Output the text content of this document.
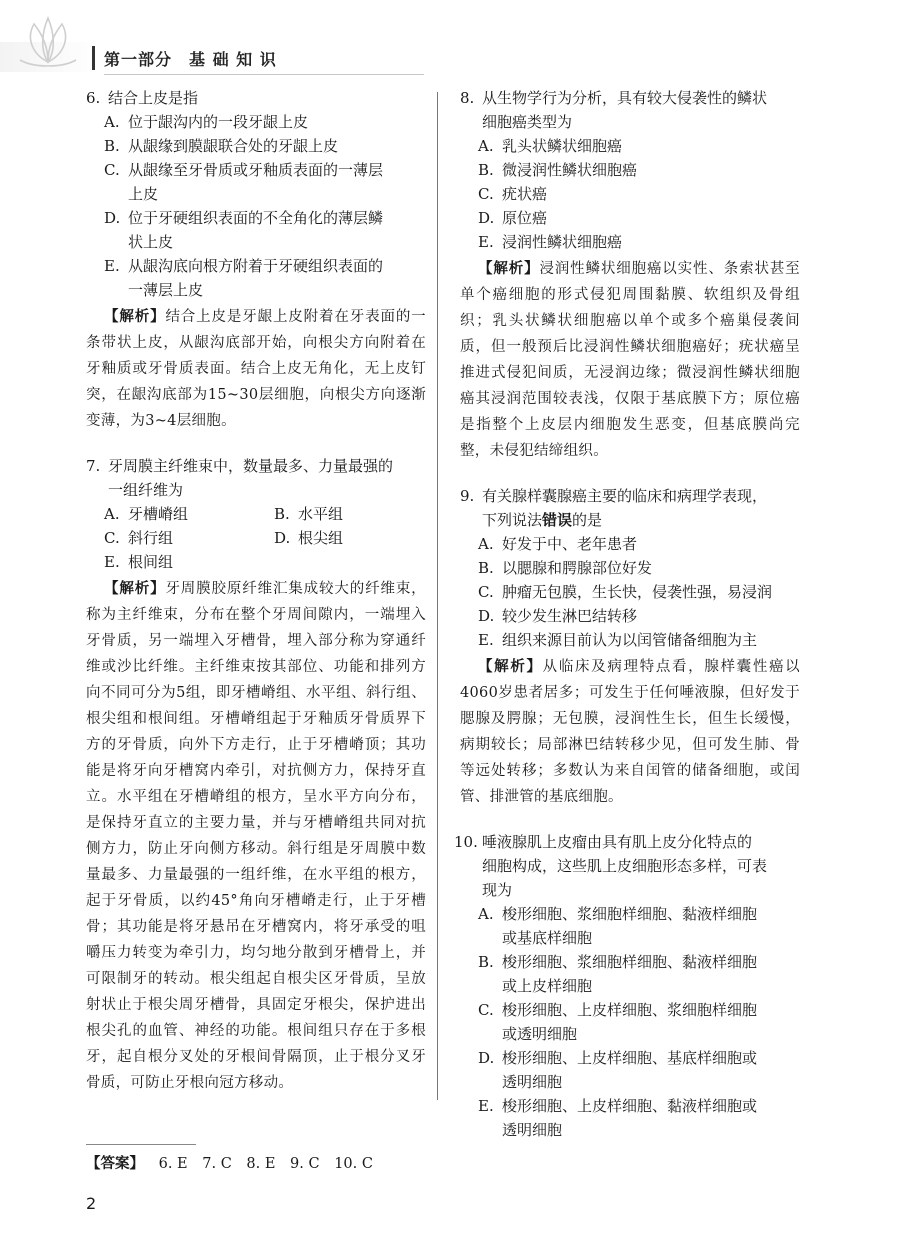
第一部分　基 础 知 识
6. 结合上皮是指
A. 位于龈沟内的一段牙龈上皮
B. 从龈缘到膜龈联合处的牙龈上皮
C. 从龈缘至牙骨质或牙釉质表面的一薄层
上皮
D. 位于牙硬组织表面的不全角化的薄层鳞
状上皮
E. 从龈沟底向根方附着于牙硬组织表面的
一薄层上皮
【解析】结合上皮是牙龈上皮附着在牙表面的一条带状上皮，从龈沟底部开始，向根尖方向附着在牙釉质或牙骨质表面。结合上皮无角化，无上皮钉突，在龈沟底部为15~30层细胞，向根尖方向逐渐变薄，为3~4层细胞。
7. 牙周膜主纤维束中，数量最多、力量最强的
一组纤维为
A. 牙槽嵴组	B. 水平组
C. 斜行组	D. 根尖组
E. 根间组
【解析】牙周膜胶原纤维汇集成较大的纤维束，称为主纤维束，分布在整个牙周间隙内，一端埋入牙骨质，另一端埋入牙槽骨，埋入部分称为穿通纤维或沙比纤维。主纤维束按其部位、功能和排列方向不同可分为5组，即牙槽嵴组、水平组、斜行组、根尖组和根间组。牙槽嵴组起于牙釉质牙骨质界下方的牙骨质，向外下方走行，止于牙槽嵴顶；其功能是将牙向牙槽窝内牵引，对抗侧方力，保持牙直立。水平组在牙槽嵴组的根方，呈水平方向分布，是保持牙直立的主要力量，并与牙槽嵴组共同对抗侧方力，防止牙向侧方移动。斜行组是牙周膜中数量最多、力量最强的一组纤维，在水平组的根方，起于牙骨质，以约45°角向牙槽嵴走行，止于牙槽骨；其功能是将牙悬吊在牙槽窝内，将牙承受的咀嚼压力转变为牵引力，均匀地分散到牙槽骨上，并可限制牙的转动。根尖组起自根尖区牙骨质，呈放射状止于根尖周牙槽骨，具固定牙根尖，保护进出根尖孔的血管、神经的功能。根间组只存在于多根牙，起自根分叉处的牙根间骨隔顶，止于根分叉牙骨质，可防止牙根向冠方移动。
8. 从生物学行为分析，具有较大侵袭性的鳞状
细胞癌类型为
A. 乳头状鳞状细胞癌
B. 微浸润性鳞状细胞癌
C. 疣状癌
D. 原位癌
E. 浸润性鳞状细胞癌
【解析】浸润性鳞状细胞癌以实性、条索状甚至单个癌细胞的形式侵犯周围黏膜、软组织及骨组织；乳头状鳞状细胞癌以单个或多个癌巢侵袭间质，但一般预后比浸润性鳞状细胞癌好；疣状癌呈推进式侵犯间质，无浸润边缘；微浸润性鳞状细胞癌其浸润范围较表浅，仅限于基底膜下方；原位癌是指整个上皮层内细胞发生恶变，但基底膜尚完整，未侵犯结缔组织。
9. 有关腺样囊腺癌主要的临床和病理学表现，
下列说法错误的是
A. 好发于中、老年患者
B. 以腮腺和腭腺部位好发
C. 肿瘤无包膜，生长快，侵袭性强，易浸润
D. 较少发生淋巴结转移
E. 组织来源目前认为以闰管储备细胞为主
【解析】从临床及病理特点看，腺样囊性癌以4060岁患者居多；可发生于任何唾液腺，但好发于腮腺及腭腺；无包膜，浸润性生长，但生长缓慢，病期较长；局部淋巴结转移少见，但可发生肺、骨等远处转移；多数认为来自闰管的储备细胞，或闰管、排泄管的基底细胞。
10. 唾液腺肌上皮瘤由具有肌上皮分化特点的
细胞构成，这些肌上皮细胞形态多样，可表
现为
A. 梭形细胞、浆细胞样细胞、黏液样细胞
或基底样细胞
B. 梭形细胞、浆细胞样细胞、黏液样细胞
或上皮样细胞
C. 梭形细胞、上皮样细胞、浆细胞样细胞
或透明细胞
D. 梭形细胞、上皮样细胞、基底样细胞或
透明细胞
E. 梭形细胞、上皮样细胞、黏液样细胞或
透明细胞
【答案】 6. E 7. C 8. E 9. C 10. C
2
